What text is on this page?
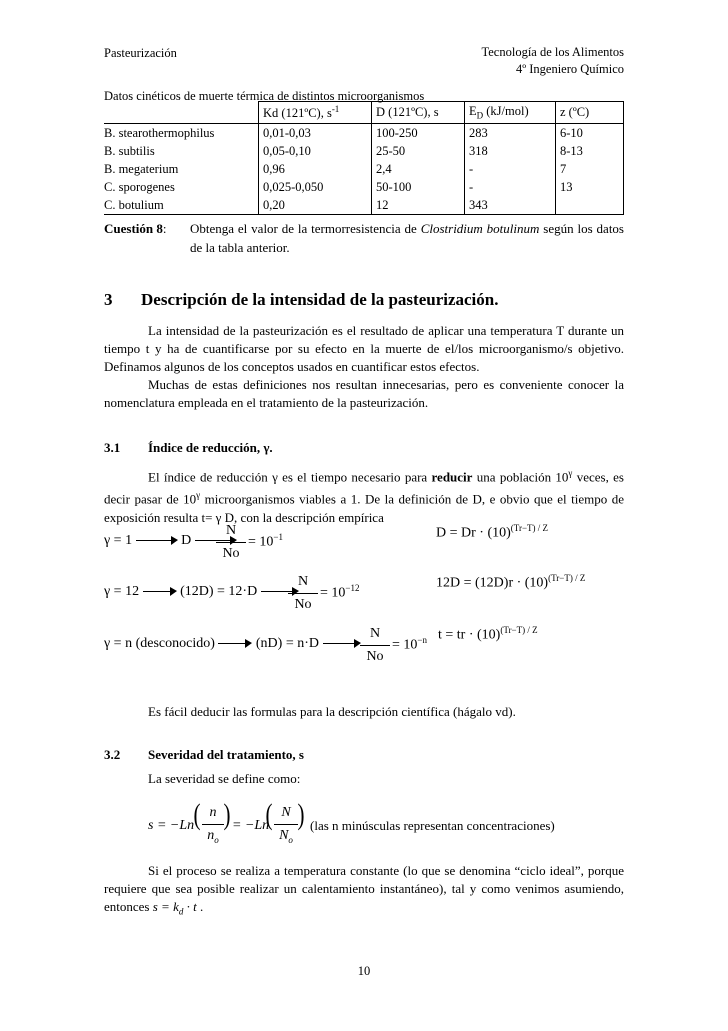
Pasteurización	Tecnología de los Alimentos
4º Ingeniero Químico
Datos cinéticos de muerte térmica de distintos microorganismos
	Kd (121ºC), $s^{-1}$	D (121ºC), s	$E_D$ (kJ/mol)	z (ºC)
B. stearothermophilus	0,01-0,03	100-250	283	6-10
B. subtilis	0,05-0,10	25-50	318	8-13
B. megaterium	0,96	2,4	-	7
C. sporogenes	0,025-0,050	50-100	-	13
C. botulium	0,20	12	343	
Cuestión 8: Obtenga el valor de la termorresistencia de Clostridium botulinum según los datos de la tabla anterior.
3 Descripción de la intensidad de la pasteurización.
La intensidad de la pasteurización es el resultado de aplicar una temperatura T durante un tiempo t y ha de cuantificarse por su efecto en la muerte de el/los microorganismo/s objetivo. Definamos algunos de los conceptos usados en cuantificar estos efectos.
Muchas de estas definiciones nos resultan innecesarias, pero es conveniente conocer la nomenclatura empleada en el tratamiento de la pasteurización.
3.1 Índice de reducción, γ.
El índice de reducción γ es el tiempo necesario para reducir una población $10^\gamma$ veces, es decir pasar de $10^\gamma$ microorganismos viables a 1. De la definición de D, e obvio que el tiempo de exposición resulta t= γ D, con la descripción empírica
γ = 1	D
N
No
= $10^{-1}$	$D = Dr \cdot (10)^{(Tr-T) / Z}$
γ = 12	(12D) = 12·D
N
No
= $10^{-12}$	$12D = (12D)r \cdot (10)^{(Tr-T) / Z}$
γ = n (desconocido)	(nD) = n·D
N
No
= $10^{-n}$ t = tr · $(10)^{(Tr-T) / Z}$
Es fácil deducir las formulas para la descripción científica (hágalo vd).
3.2 Severidad del tratamiento, s
La severidad se define como:
s = −Ln ( n
$n_o$
) = −Ln
( N
$N_o$
) (las n minúsculas representan concentraciones)
Si el proceso se realiza a temperatura constante (lo que se denomina “ciclo ideal”, porque requiere que sea posible realizar un calentamiento instantáneo), tal y como venimos asumiendo, entonces $s = k_d \cdot t$ .
10
